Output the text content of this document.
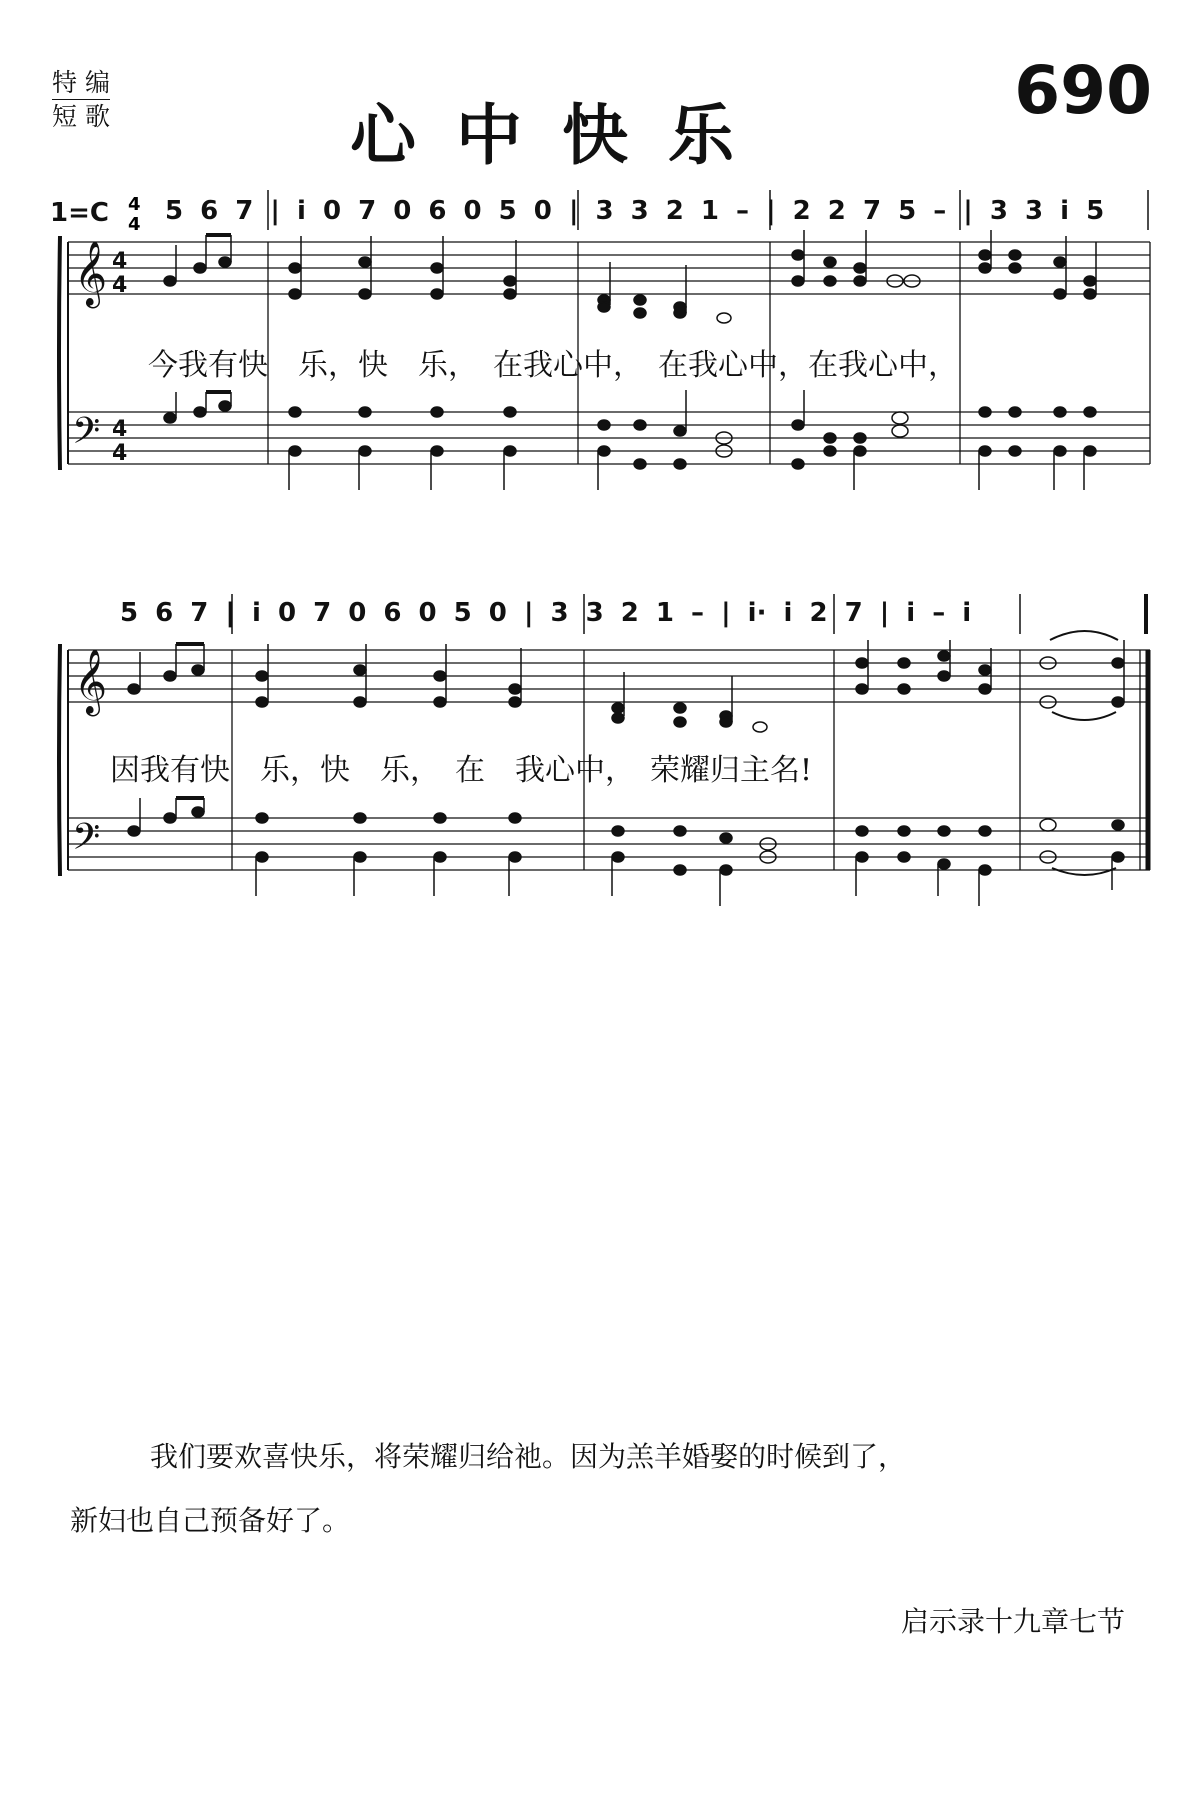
特 编
短 歌	心中快乐
690
1=C 5 6 7 | i 0 7 0 6 0 5 0 | 3 3 2 1 – | 2 2 7 5 – | 3 3 i 5
5 6 7 | i 0 7 0 6 0 5 0 | 3 3 2 1 – | i· i 2 7 | i – i
今我有快　乐，快　乐，　在我心中，　在我心中，在我心中，
因我有快　乐，快　乐，　在　我心中，　荣耀归主名!
4
4
𝄞 4
4
𝄢 4
4
𝄞
𝄢
我们要欢喜快乐，将荣耀归给祂。因为羔羊婚娶的时候到了，
新妇也自己预备好了。
启示录十九章七节
